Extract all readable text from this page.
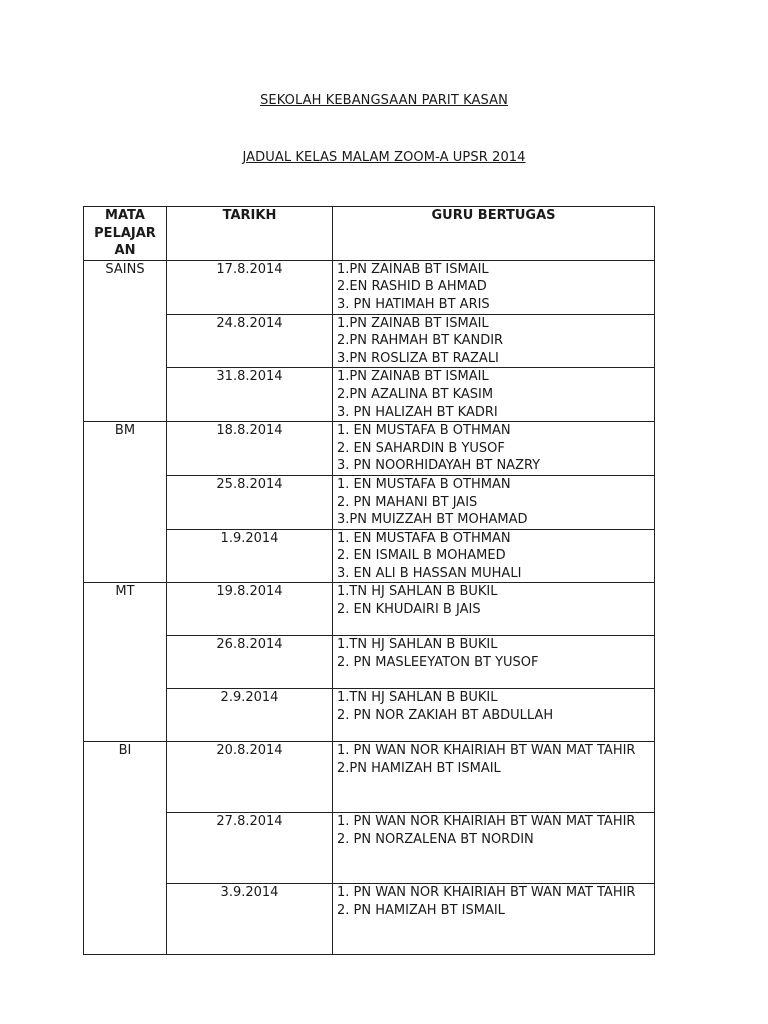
SEKOLAH KEBANGSAAN PARIT KASAN
JADUAL KELAS MALAM ZOOM-A UPSR 2014
MATA PELAJAR AN	TARIKH	GURU BERTUGAS

SAINS	17.8.2014	1.PN ZAINAB BT ISMAIL
2.EN RASHID B AHMAD
3. PN HATIMAH BT ARIS

	24.8.2014	1.PN ZAINAB BT ISMAIL
2.PN RAHMAH BT KANDIR
3.PN ROSLIZA BT RAZALI

	31.8.2014	1.PN ZAINAB BT ISMAIL
2.PN AZALINA BT KASIM
3. PN HALIZAH BT KADRI

BM	18.8.2014	1. EN MUSTAFA B OTHMAN
2. EN SAHARDIN B YUSOF
3. PN NOORHIDAYAH BT NAZRY

	25.8.2014	1. EN MUSTAFA B OTHMAN
2. PN MAHANI BT JAIS
3.PN MUIZZAH BT MOHAMAD

	1.9.2014	1. EN MUSTAFA B OTHMAN
2. EN ISMAIL B MOHAMED
3. EN ALI B HASSAN MUHALI

MT	19.8.2014	1.TN HJ SAHLAN B BUKIL
2. EN KHUDAIRI B JAIS

	26.8.2014	1.TN HJ SAHLAN B BUKIL
2. PN MASLEEYATON BT YUSOF

	2.9.2014	1.TN HJ SAHLAN B BUKIL
2. PN NOR ZAKIAH BT ABDULLAH

BI	20.8.2014	1. PN WAN NOR KHAIRIAH BT WAN MAT TAHIR
2.PN HAMIZAH BT ISMAIL

	27.8.2014	1. PN WAN NOR KHAIRIAH BT WAN MAT TAHIR
2. PN NORZALENA BT NORDIN

	3.9.2014	1. PN WAN NOR KHAIRIAH BT WAN MAT TAHIR
2. PN HAMIZAH BT ISMAIL
